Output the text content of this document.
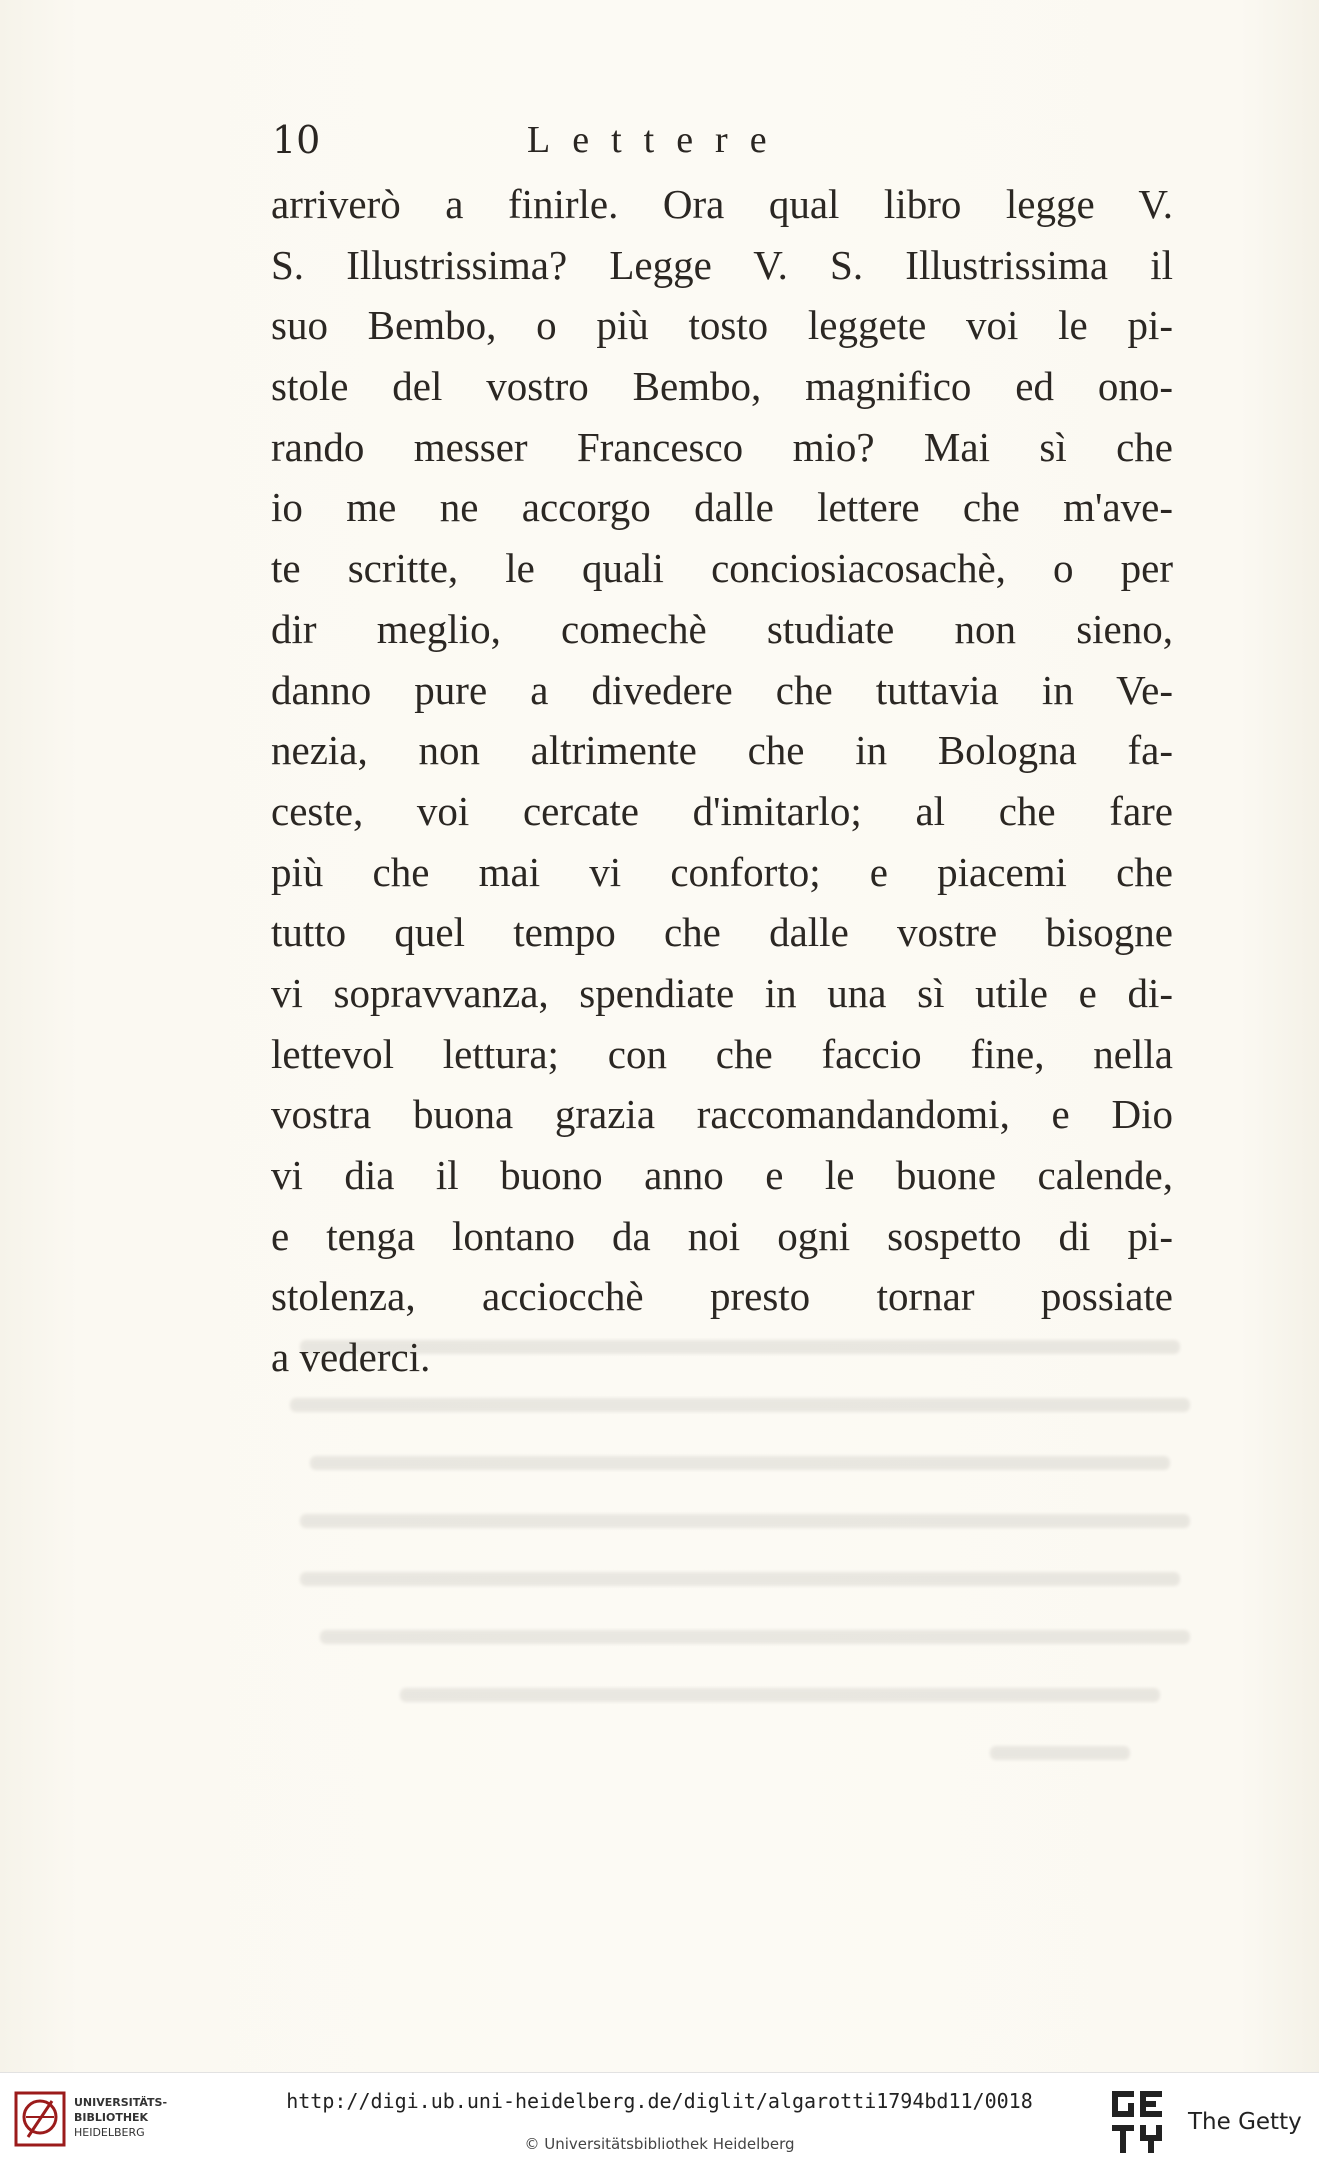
10	Lettere
arriverò a finirle. Ora qual libro legge V.
S. Illustrissima? Legge V. S. Illustrissima il
suo Bembo, o più tosto leggete voi le pi-
stole del vostro Bembo, magnifico ed ono-
rando messer Francesco mio? Mai sì che
io me ne accorgo dalle lettere che m'ave-
te scritte, le quali conciosiacosachè, o per
dir meglio, comechè studiate non sieno,
danno pure a divedere che tuttavia in Ve-
nezia, non altrimente che in Bologna fa-
ceste, voi cercate d'imitarlo; al che fare
più che mai vi conforto; e piacemi che
tutto quel tempo che dalle vostre bisogne
vi sopravvanza, spendiate in una sì utile e di-
lettevol lettura; con che faccio fine, nella
vostra buona grazia raccomandandomi, e Dio
vi dia il buono anno e le buone calende,
e tenga lontano da noi ogni sospetto di pi-
stolenza, acciocchè presto tornar possiate
a vederci.
UNIVERSITÄTS-
BIBLIOTHEK
HEIDELBERG
http://digi.ub.uni-heidelberg.de/diglit/algarotti1794bd11/0018
© Universitätsbibliothek Heidelberg
The Getty
